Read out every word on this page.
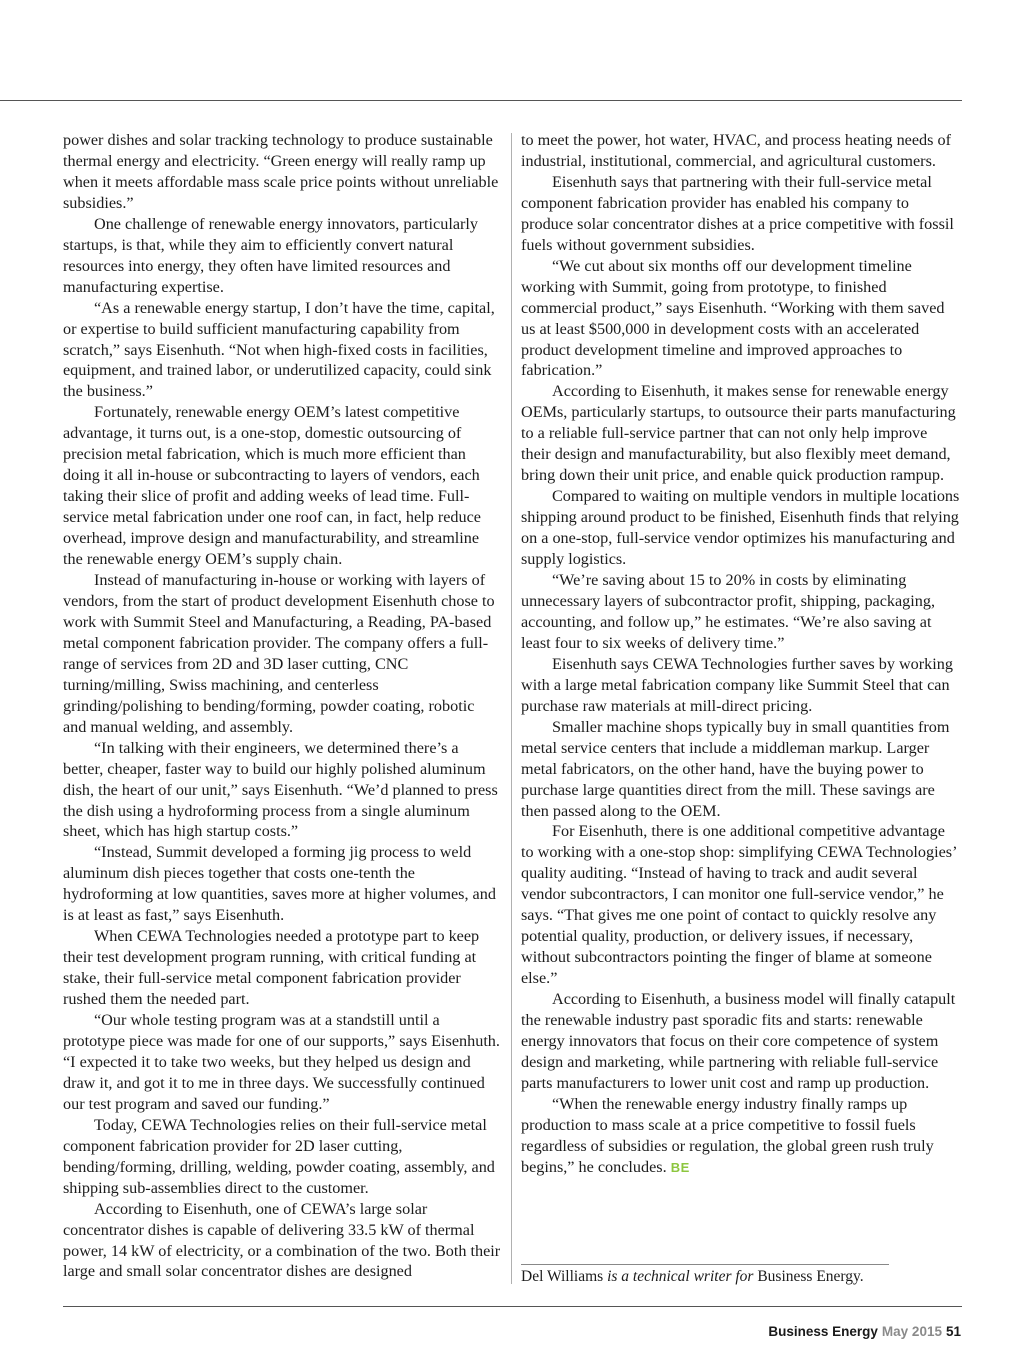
power dishes and solar tracking technology to produce sustainable thermal energy and electricity. “Green energy will really ramp up when it meets affordable mass scale price points without unreliable subsidies.”

One challenge of renewable energy innovators, particularly startups, is that, while they aim to efficiently convert natural resources into energy, they often have limited resources and manufacturing expertise.

“As a renewable energy startup, I don’t have the time, capital, or expertise to build sufficient manufacturing capability from scratch,” says Eisenhuth. “Not when high-fixed costs in facilities, equipment, and trained labor, or underutilized capacity, could sink the business.”

Fortunately, renewable energy OEM’s latest competitive advantage, it turns out, is a one-stop, domestic outsourcing of precision metal fabrication, which is much more efficient than doing it all in-house or subcontracting to layers of vendors, each taking their slice of profit and adding weeks of lead time. Full-service metal fabrication under one roof can, in fact, help reduce overhead, improve design and manufacturability, and streamline the renewable energy OEM’s supply chain.

Instead of manufacturing in-house or working with layers of vendors, from the start of product development Eisenhuth chose to work with Summit Steel and Manufacturing, a Reading, PA-based metal component fabrication provider. The company offers a full-range of services from 2D and 3D laser cutting, CNC turning/milling, Swiss machining, and centerless grinding/polishing to bending/forming, powder coating, robotic and manual welding, and assembly.

“In talking with their engineers, we determined there’s a better, cheaper, faster way to build our highly polished aluminum dish, the heart of our unit,” says Eisenhuth. “We’d planned to press the dish using a hydroforming process from a single aluminum sheet, which has high startup costs.”

“Instead, Summit developed a forming jig process to weld aluminum dish pieces together that costs one-tenth the hydroforming at low quantities, saves more at higher volumes, and is at least as fast,” says Eisenhuth.

When CEWA Technologies needed a prototype part to keep their test development program running, with critical funding at stake, their full-service metal component fabrication provider rushed them the needed part.

“Our whole testing program was at a standstill until a prototype piece was made for one of our supports,” says Eisenhuth. “I expected it to take two weeks, but they helped us design and draw it, and got it to me in three days. We successfully continued our test program and saved our funding.”

Today, CEWA Technologies relies on their full-service metal component fabrication provider for 2D laser cutting, bending/forming, drilling, welding, powder coating, assembly, and shipping sub-assemblies direct to the customer.

According to Eisenhuth, one of CEWA’s large solar concentrator dishes is capable of delivering 33.5 kW of thermal power, 14 kW of electricity, or a combination of the two. Both their large and small solar concentrator dishes are designed

to meet the power, hot water, HVAC, and process heating needs of industrial, institutional, commercial, and agricultural customers.

Eisenhuth says that partnering with their full-service metal component fabrication provider has enabled his company to produce solar concentrator dishes at a price competitive with fossil fuels without government subsidies.

“We cut about six months off our development timeline working with Summit, going from prototype, to finished commercial product,” says Eisenhuth. “Working with them saved us at least $500,000 in development costs with an accelerated product development timeline and improved approaches to fabrication.”

According to Eisenhuth, it makes sense for renewable energy OEMs, particularly startups, to outsource their parts manufacturing to a reliable full-service partner that can not only help improve their design and manufacturability, but also flexibly meet demand, bring down their unit price, and enable quick production rampup.

Compared to waiting on multiple vendors in multiple locations shipping around product to be finished, Eisenhuth finds that relying on a one-stop, full-service vendor optimizes his manufacturing and supply logistics.

“We’re saving about 15 to 20% in costs by eliminating unnecessary layers of subcontractor profit, shipping, packaging, accounting, and follow up,” he estimates. “We’re also saving at least four to six weeks of delivery time.”

Eisenhuth says CEWA Technologies further saves by working with a large metal fabrication company like Summit Steel that can purchase raw materials at mill-direct pricing.

Smaller machine shops typically buy in small quantities from metal service centers that include a middleman markup. Larger metal fabricators, on the other hand, have the buying power to purchase large quantities direct from the mill. These savings are then passed along to the OEM.

For Eisenhuth, there is one additional competitive advantage to working with a one-stop shop: simplifying CEWA Technologies’ quality auditing. “Instead of having to track and audit several vendor subcontractors, I can monitor one full-service vendor,” he says. “That gives me one point of contact to quickly resolve any potential quality, production, or delivery issues, if necessary, without subcontractors pointing the finger of blame at someone else.”

According to Eisenhuth, a business model will finally catapult the renewable industry past sporadic fits and starts: renewable energy innovators that focus on their core competence of system design and marketing, while partnering with reliable full-service parts manufacturers to lower unit cost and ramp up production.

“When the renewable energy industry finally ramps up production to mass scale at a price competitive to fossil fuels regardless of subsidies or regulation, the global green rush truly begins,” he concludes. BE

Del Williams is a technical writer for Business Energy.
Business Energy May 2015 51
